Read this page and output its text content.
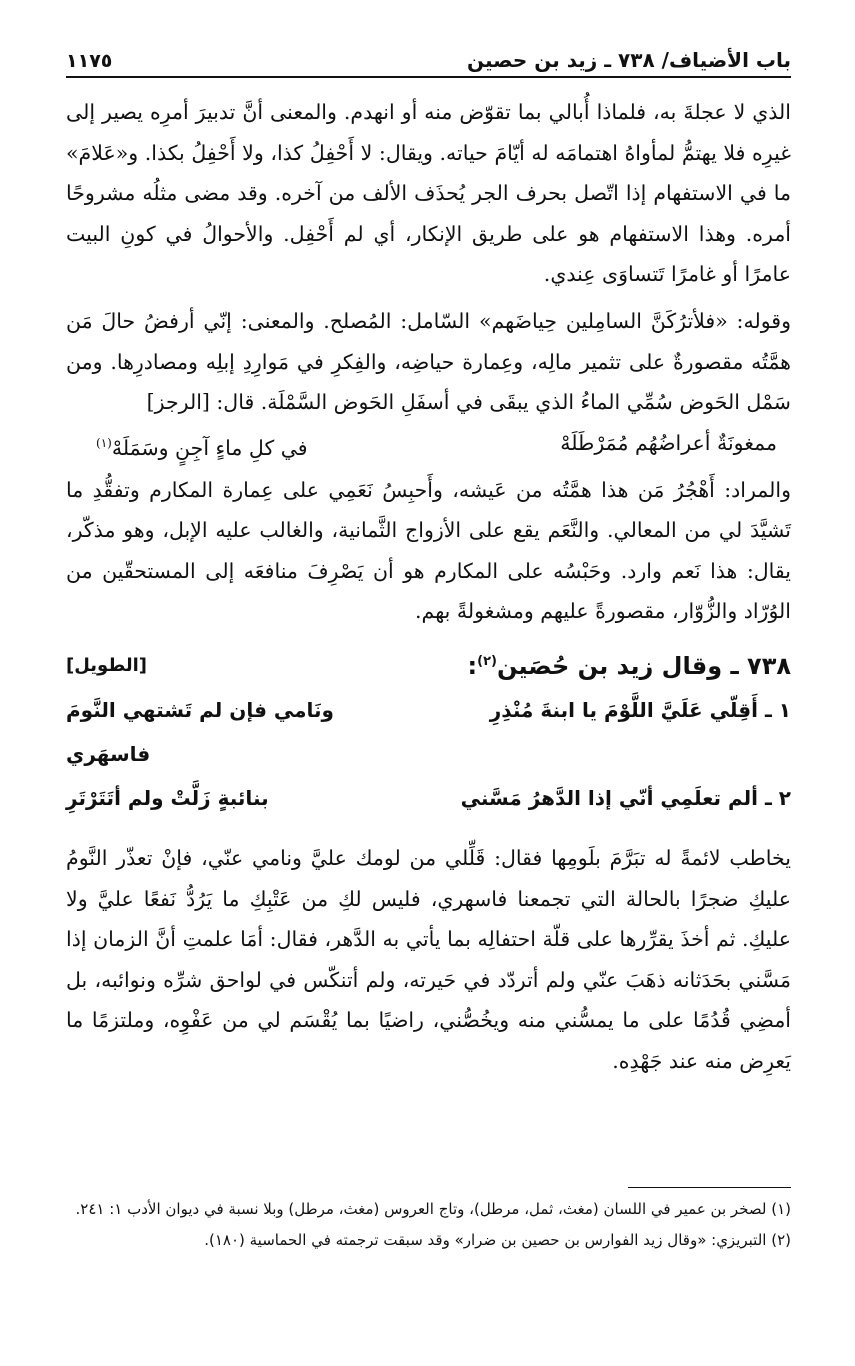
باب الأضياف/ ٧٣٨ ـ زيد بن حصين
١١٧٥

الذي لا عجلةَ به، فلماذا أُبالي بما تقوّض منه أو انهدم. والمعنى أنَّ تدبيرَ أمرِه يصير إلى غيرِه فلا يهتمُّ لمأواهُ اهتمامَه له أيّامَ حياته. ويقال: لا أَحْفِلُ كذا، ولا أَحْفِلُ بكذا. و«عَلامَ» ما في الاستفهام إذا اتّصل بحرف الجر يُحذَف الألف من آخره. وقد مضى مثلُه مشروحًا أمره. وهذا الاستفهام هو على طريق الإنكار، أي لم أَحْفِل. والأحوالُ في كونِ البيت عامرًا أو غامرًا تَتساوَى عِندي.

وقوله: «فلأترُكَنَّ السامِلين حِياضَهم» السّامل: المُصلح. والمعنى: إنّي أرفضُ حالَ مَن همَّتُه مقصورةٌ على تثمير مالِه، وعِمارة حياضِه، والفِكرِ في مَوارِدِ إبلِه ومصادرِها. ومن سَمْل الحَوض سُمِّي الماءُ الذي يبقَى في أسفَلِ الحَوض السَّمْلَة. قال: [الرجز]

ممغونَةٌ أعراضُهُم مُمَرْطَلَهْ
في كلِ ماءٍ آجِنٍ وسَمَلَهْ$^{(١)}$

والمراد: أَهْجُرُ مَن هذا همَّتُه من عَيشه، وأَحبِسُ نَعَمِي على عِمارة المكارم وتفقُّدِ ما تَشيَّدَ لي من المعالي. والنَّعَم يقع على الأزواج الثَّمانية، والغالب عليه الإبل، وهو مذكّر، يقال: هذا نَعم وارد. وحَبْسُه على المكارم هو أن يَصْرِفَ منافعَه إلى المستحقّين من الوُرّاد والزُّوّار، مقصورةً عليهم ومشغولةً بهم.

٧٣٨ ـ وقال زيد بن حُصَين$^{(٢)}$:
[الطويل]
١ ـ أَقِلّي عَلَيَّ اللَّوْمَ يا ابنةَ مُنْذِرِ
ونَامي فإن لم تَشتهي النَّومَ فاسهَري
٢ ـ ألم تعلَمِي أنّي إذا الدَّهرُ مَسَّني
بنائبةٍ زَلَّتْ ولم أتَتَرْتَرِ

يخاطب لائمةً له تبَرَّمَ بلَومِها فقال: قَلِّلي من لومك عليَّ ونامي عنّي، فإنْ تعذّر النَّومُ عليكِ ضجرًا بالحالة التي تجمعنا فاسهري، فليس لكِ من عَتْبِكِ ما يَرُدُّ نَفعًا عليَّ ولا عليكِ. ثم أخذَ يقرِّرها على قلّة احتفالِه بما يأتي به الدَّهر، فقال: أمَا علمتِ أنَّ الزمان إذا مَسَّني بحَدَثانه ذهَبَ عنّي ولم أتردّد في حَيرته، ولم أتنكّس في لواحق شرِّه ونوائبه، بل أمضِي قُدُمًا على ما يمسُّني منه ويخُصُّني، راضيًا بما يُقْسَم لي من عَفْوِه، وملتزمًا ما يَعرِض منه عند جَهْدِه.

(١) لصخر بن عمير في اللسان (مغث، ثمل، مرطل)، وتاج العروس (مغث، مرطل) وبلا نسبة في ديوان الأدب ١: ٢٤١.

(٢) التبريزي: «وقال زيد الفوارس بن حصين بن ضرار» وقد سبقت ترجمته في الحماسية (١٨٠).
